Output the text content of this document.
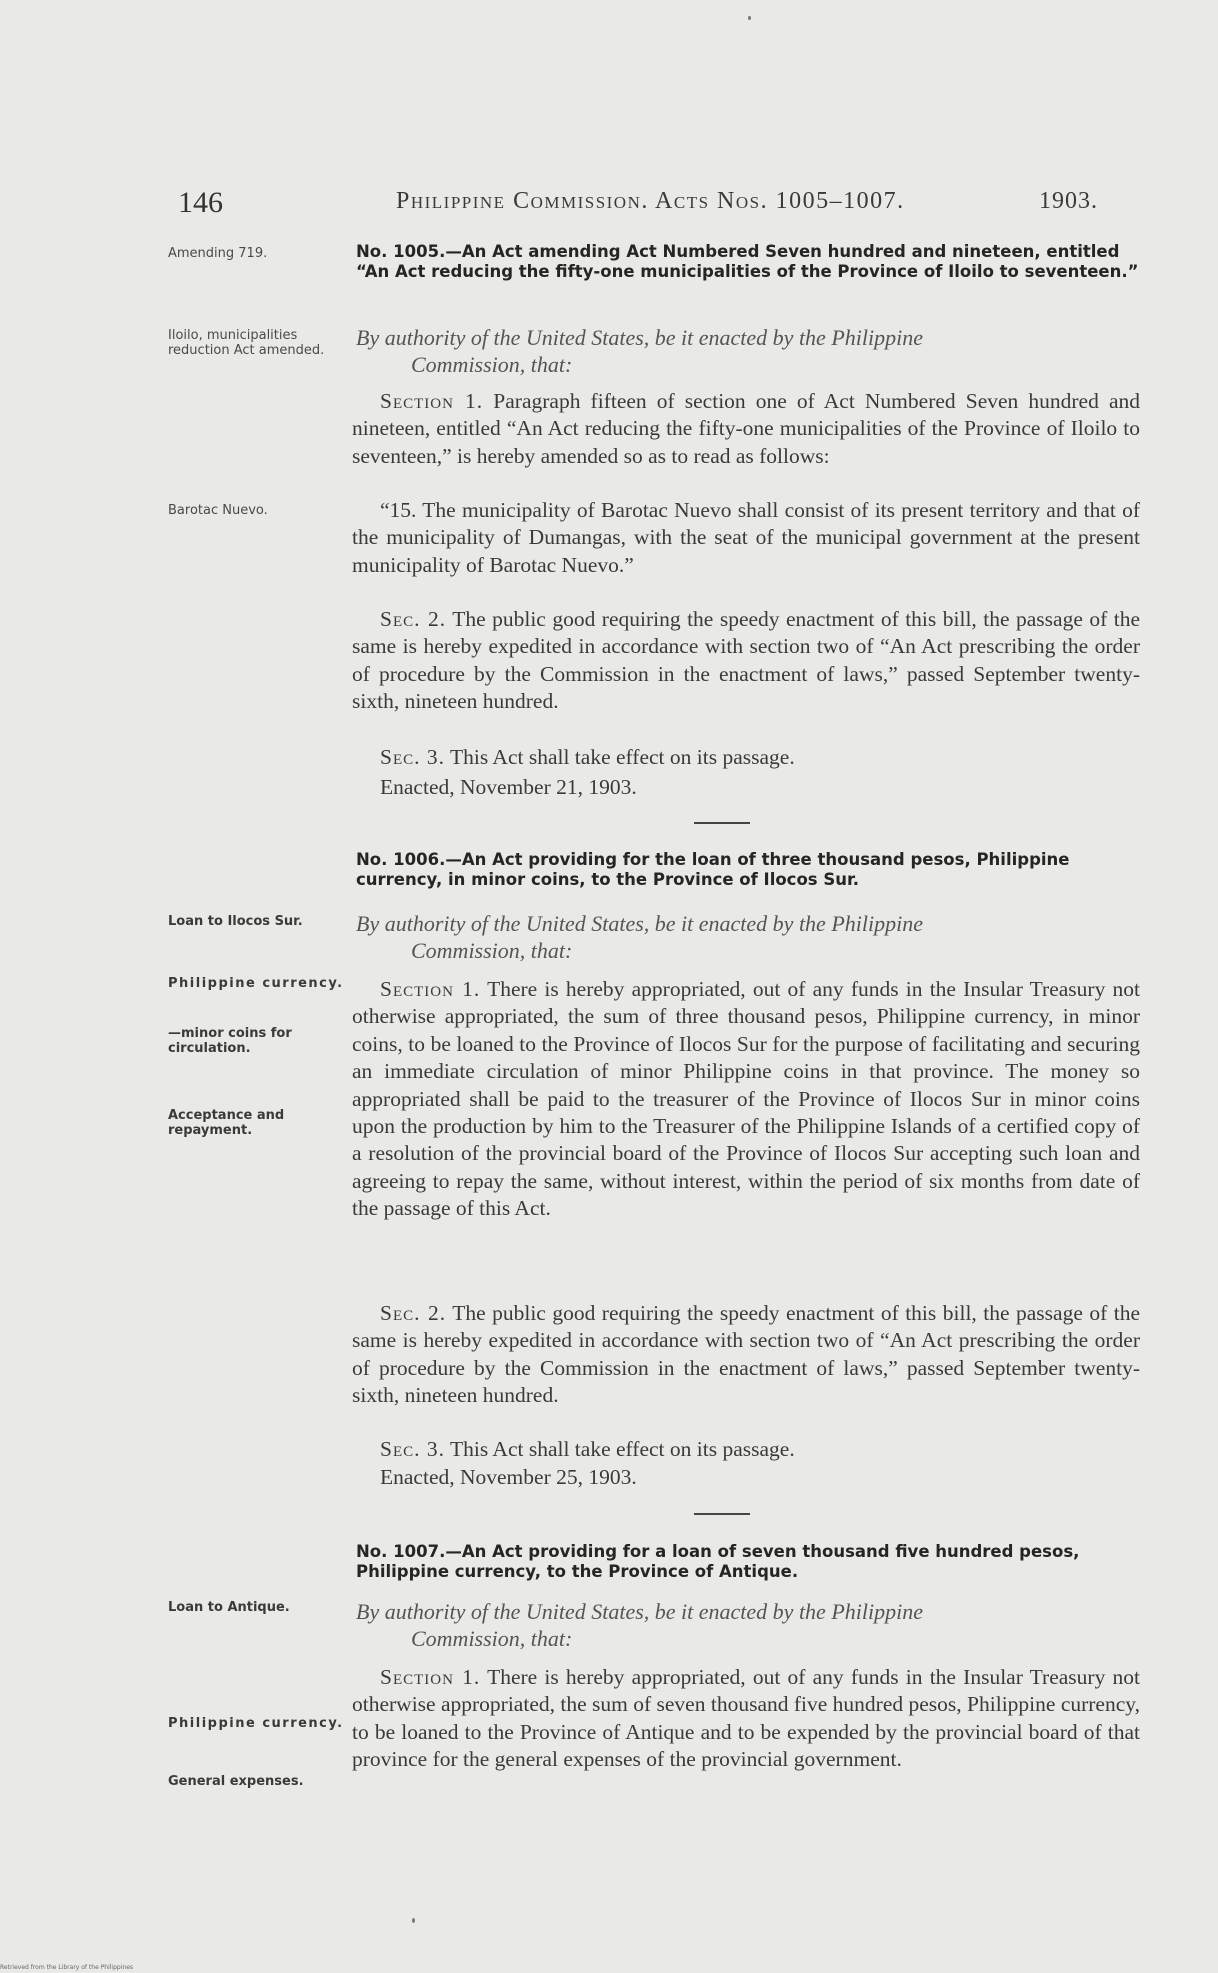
146	Philippine Commission. Acts Nos. 1005–1007.	1903.
Amending 719.	No. 1005.—An Act amending Act Numbered Seven hundred and nineteen, entitled “An Act reducing the fifty-one municipalities of the Province of Iloilo to seventeen.”
Iloilo, municipalities reduction Act amended.
By authority of the United States, be it enacted by the Philippine
Commission, that:
Section 1. Paragraph fifteen of section one of Act Numbered Seven hundred and nineteen, entitled “An Act reducing the fifty-one municipalities of the Province of Iloilo to seventeen,” is hereby amended so as to read as follows:
Barotac Nuevo.	“15. The municipality of Barotac Nuevo shall consist of its present territory and that of the municipality of Dumangas, with the seat of the municipal government at the present municipality of Barotac Nuevo.”
Sec. 2. The public good requiring the speedy enactment of this bill, the passage of the same is hereby expedited in accordance with section two of “An Act prescribing the order of procedure by the Commission in the enactment of laws,” passed September twenty-sixth, nineteen hundred.
Sec. 3. This Act shall take effect on its passage.
Enacted, November 21, 1903.
No. 1006.—An Act providing for the loan of three thousand pesos, Philippine currency, in minor coins, to the Province of Ilocos Sur.
Loan to Ilocos Sur.	By authority of the United States, be it enacted by the Philippine
Commission, that:
Philippine currency.
—minor coins for circulation.
Acceptance and repayment.
Section 1. There is hereby appropriated, out of any funds in the Insular Treasury not otherwise appropriated, the sum of three thousand pesos, Philippine currency, in minor coins, to be loaned to the Province of Ilocos Sur for the purpose of facilitating and securing an immediate circulation of minor Philippine coins in that province. The money so appropriated shall be paid to the treasurer of the Province of Ilocos Sur in minor coins upon the production by him to the Treasurer of the Philippine Islands of a certified copy of a resolution of the provincial board of the Province of Ilocos Sur accepting such loan and agreeing to repay the same, without interest, within the period of six months from date of the passage of this Act.
Sec. 2. The public good requiring the speedy enactment of this bill, the passage of the same is hereby expedited in accordance with section two of “An Act prescribing the order of procedure by the Commission in the enactment of laws,” passed September twenty-sixth, nineteen hundred.
Sec. 3. This Act shall take effect on its passage.
Enacted, November 25, 1903.
No. 1007.—An Act providing for a loan of seven thousand five hundred pesos, Philippine currency, to the Province of Antique.
Loan to Antique.	By authority of the United States, be it enacted by the Philippine
Commission, that:
Philippine currency.
General expenses.
Section 1. There is hereby appropriated, out of any funds in the Insular Treasury not otherwise appropriated, the sum of seven thousand five hundred pesos, Philippine currency, to be loaned to the Province of Antique and to be expended by the provincial board of that province for the general expenses of the provincial government.
Retrieved from the Library of the Philippines
